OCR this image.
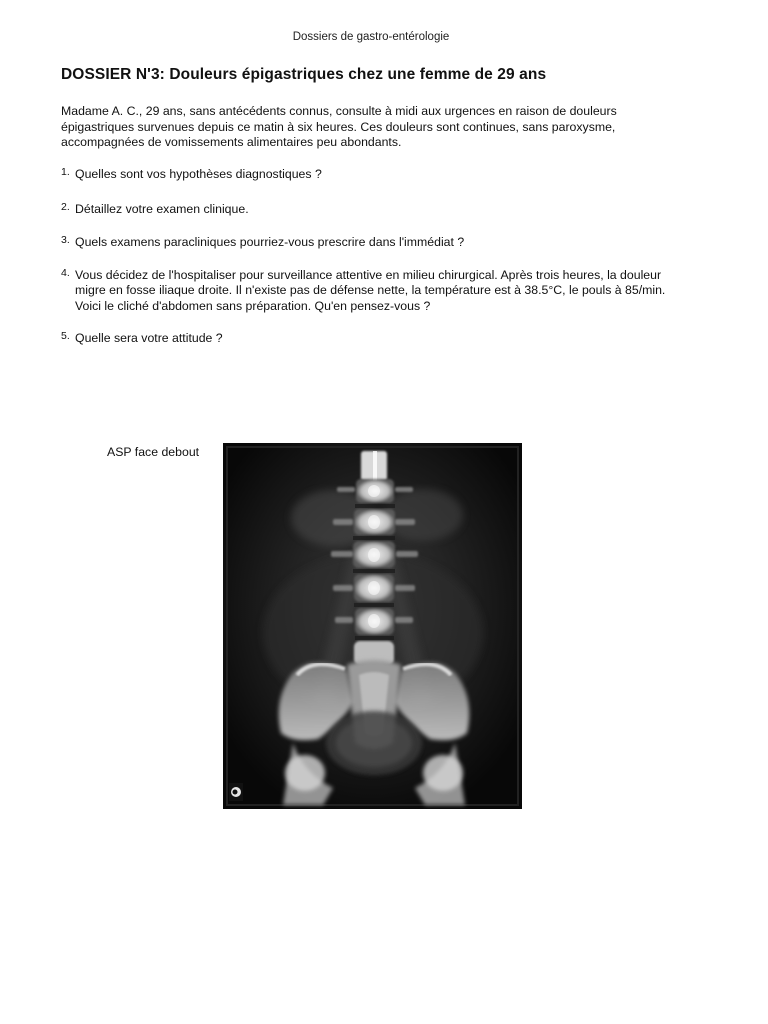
Dossiers de gastro-entérologie
DOSSIER N'3: Douleurs épigastriques chez une femme de 29 ans

Madame A. C., 29 ans, sans antécédents connus, consulte à midi aux urgences en raison de douleurs épigastriques survenues depuis ce matin à six heures. Ces douleurs sont continues, sans paroxysme, accompagnées de vomissements alimentaires peu abondants.

1. Quelles sont vos hypothèses diagnostiques ?
2. Détaillez votre examen clinique.
3. Quels examens paracliniques pourriez-vous prescrire dans l'immédiat ?
4. Vous décidez de l'hospitaliser pour surveillance attentive en milieu chirurgical. Après trois heures, la douleur migre en fosse iliaque droite. Il n'existe pas de défense nette, la température est à 38.5°C, le pouls à 85/min. Voici le cliché d'abdomen sans préparation. Qu'en pensez-vous ?
5. Quelle sera votre attitude ?
ASP face debout
